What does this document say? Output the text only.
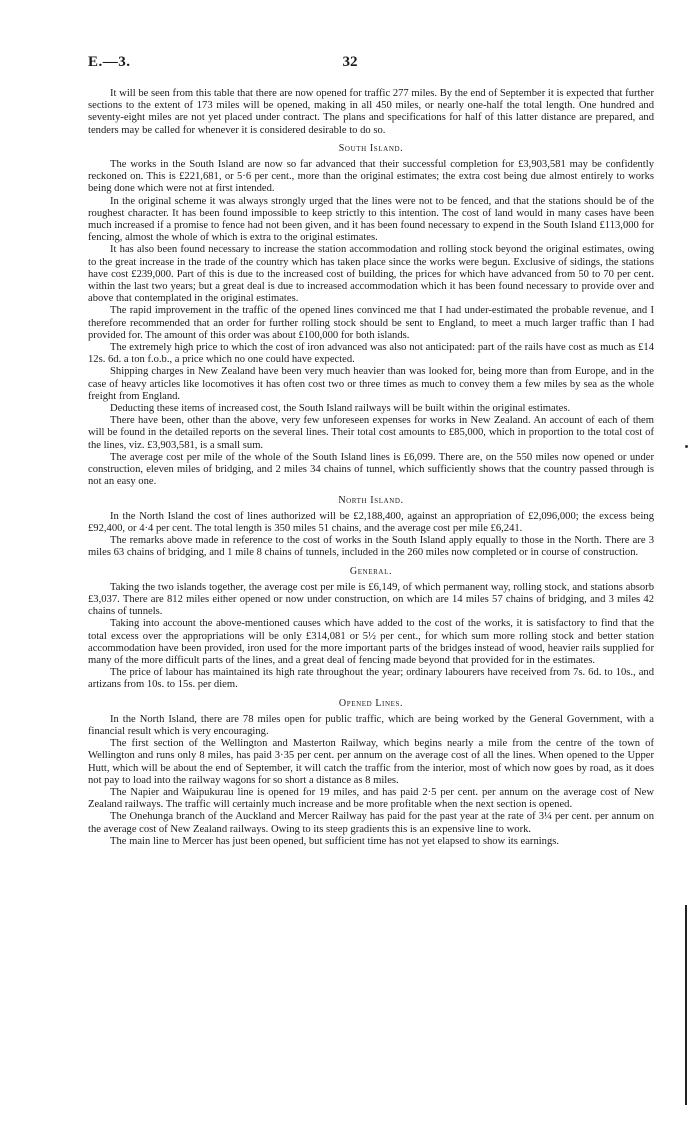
32
E.—3.

It will be seen from this table that there are now opened for traffic 277 miles. By the end of September it is expected that further sections to the extent of 173 miles will be opened, making in all 450 miles, or nearly one-half the total length. One hundred and seventy-eight miles are not yet placed under contract. The plans and specifications for half of this latter distance are prepared, and tenders may be called for whenever it is considered desirable to do so.

South Island.

The works in the South Island are now so far advanced that their successful completion for £3,903,581 may be confidently reckoned on. This is £221,681, or 5·6 per cent., more than the original estimates; the extra cost being due almost entirely to works being done which were not at first intended.

In the original scheme it was always strongly urged that the lines were not to be fenced, and that the stations should be of the roughest character. It has been found impossible to keep strictly to this intention. The cost of land would in many cases have been much increased if a promise to fence had not been given, and it has been found necessary to expend in the South Island £113,000 for fencing, almost the whole of which is extra to the original estimates.

It has also been found necessary to increase the station accommodation and rolling stock beyond the original estimates, owing to the great increase in the trade of the country which has taken place since the works were begun. Exclusive of sidings, the stations have cost £239,000. Part of this is due to the increased cost of building, the prices for which have advanced from 50 to 70 per cent. within the last two years; but a great deal is due to increased accommodation which it has been found necessary to provide over and above that contemplated in the original estimates.

The rapid improvement in the traffic of the opened lines convinced me that I had under-estimated the probable revenue, and I therefore recommended that an order for further rolling stock should be sent to England, to meet a much larger traffic than I had provided for. The amount of this order was about £100,000 for both islands.

The extremely high price to which the cost of iron advanced was also not anticipated: part of the rails have cost as much as £14 12s. 6d. a ton f.o.b., a price which no one could have expected.

Shipping charges in New Zealand have been very much heavier than was looked for, being more than from Europe, and in the case of heavy articles like locomotives it has often cost two or three times as much to convey them a few miles by sea as the whole freight from England.

Deducting these items of increased cost, the South Island railways will be built within the original estimates.

There have been, other than the above, very few unforeseen expenses for works in New Zealand. An account of each of them will be found in the detailed reports on the several lines. Their total cost amounts to £85,000, which in proportion to the total cost of the lines, viz. £3,903,581, is a small sum.

The average cost per mile of the whole of the South Island lines is £6,099. There are, on the 550 miles now opened or under construction, eleven miles of bridging, and 2 miles 34 chains of tunnel, which sufficiently shows that the country passed through is not an easy one.

North Island.

In the North Island the cost of lines authorized will be £2,188,400, against an appropriation of £2,096,000; the excess being £92,400, or 4·4 per cent. The total length is 350 miles 51 chains, and the average cost per mile £6,241.

The remarks above made in reference to the cost of works in the South Island apply equally to those in the North. There are 3 miles 63 chains of bridging, and 1 mile 8 chains of tunnels, included in the 260 miles now completed or in course of construction.

General.

Taking the two islands together, the average cost per mile is £6,149, of which permanent way, rolling stock, and stations absorb £3,037. There are 812 miles either opened or now under construction, on which are 14 miles 57 chains of bridging, and 3 miles 42 chains of tunnels.

Taking into account the above-mentioned causes which have added to the cost of the works, it is satisfactory to find that the total excess over the appropriations will be only £314,081 or 5½ per cent., for which sum more rolling stock and better station accommodation have been provided, iron used for the more important parts of the bridges instead of wood, heavier rails supplied for many of the more difficult parts of the lines, and a great deal of fencing made beyond that provided for in the estimates.

The price of labour has maintained its high rate throughout the year; ordinary labourers have received from 7s. 6d. to 10s., and artizans from 10s. to 15s. per diem.

Opened Lines.

In the North Island, there are 78 miles open for public traffic, which are being worked by the General Government, with a financial result which is very encouraging.

The first section of the Wellington and Masterton Railway, which begins nearly a mile from the centre of the town of Wellington and runs only 8 miles, has paid 3·35 per cent. per annum on the average cost of all the lines. When opened to the Upper Hutt, which will be about the end of September, it will catch the traffic from the interior, most of which now goes by road, as it does not pay to load into the railway wagons for so short a distance as 8 miles.

The Napier and Waipukurau line is opened for 19 miles, and has paid 2·5 per cent. per annum on the average cost of New Zealand railways. The traffic will certainly much increase and be more profitable when the next section is opened.

The Onehunga branch of the Auckland and Mercer Railway has paid for the past year at the rate of 3¼ per cent. per annum on the average cost of New Zealand railways. Owing to its steep gradients this is an expensive line to work.

The main line to Mercer has just been opened, but sufficient time has not yet elapsed to show its earnings.
